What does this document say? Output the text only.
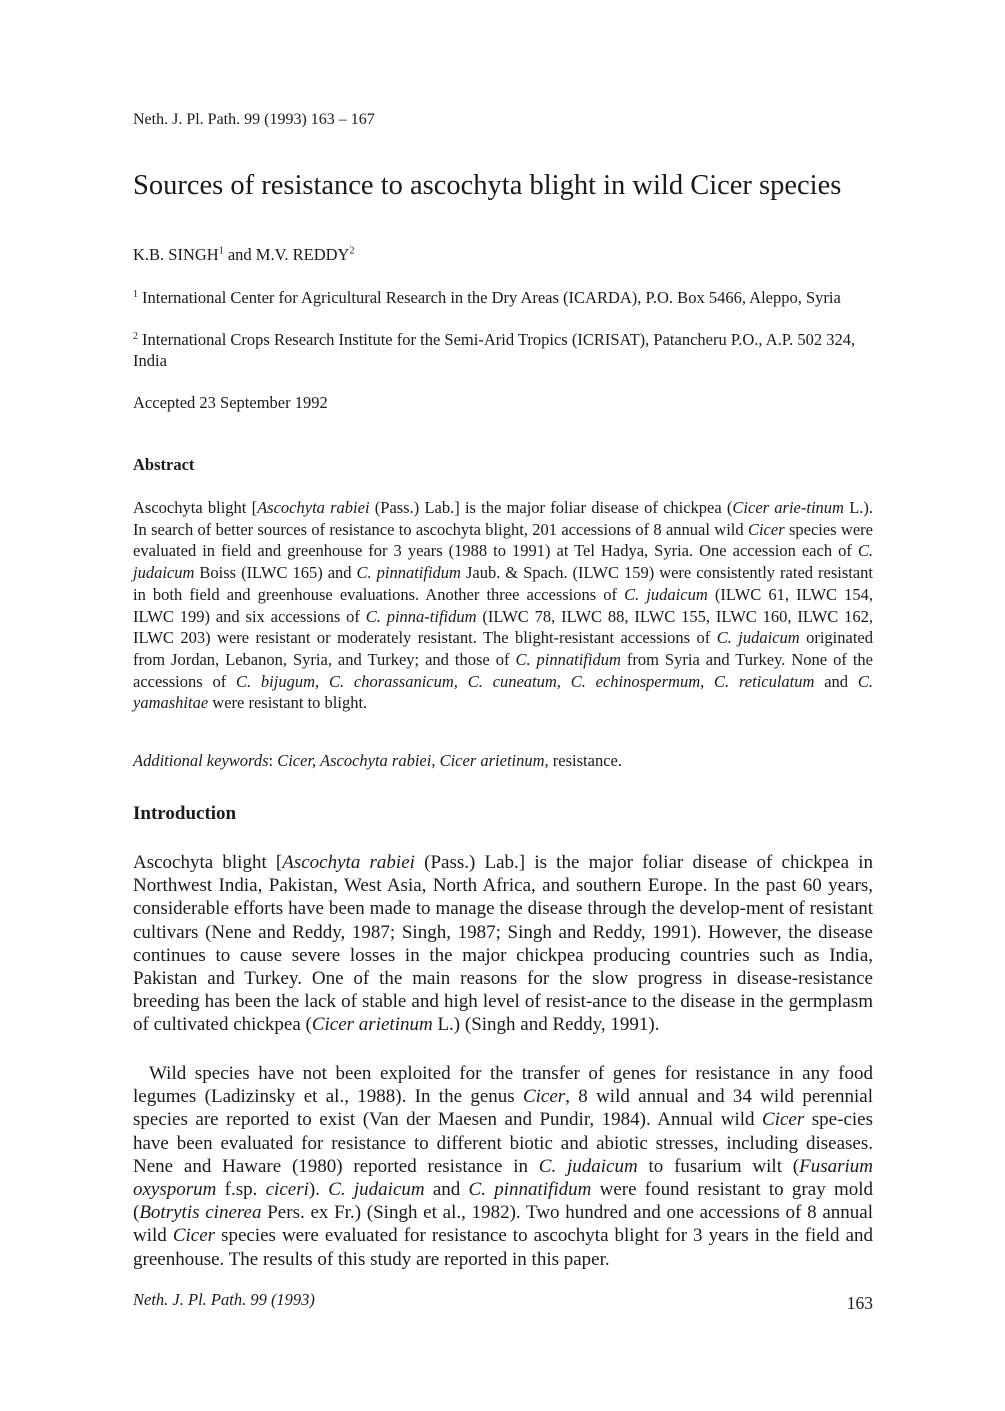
Neth. J. Pl. Path. 99 (1993) 163 – 167
Sources of resistance to ascochyta blight in wild Cicer species
K.B. SINGH$^1$ and M.V. REDDY$^2$

$^1$ International Center for Agricultural Research in the Dry Areas (ICARDA), P.O. Box 5466, Aleppo, Syria

$^2$ International Crops Research Institute for the Semi-Arid Tropics (ICRISAT), Patancheru P.O., A.P. 502 324, India

Accepted 23 September 1992
Abstract

Ascochyta blight [Ascochyta rabiei (Pass.) Lab.] is the major foliar disease of chickpea (Cicer arie-tinum L.). In search of better sources of resistance to ascochyta blight, 201 accessions of 8 annual wild Cicer species were evaluated in field and greenhouse for 3 years (1988 to 1991) at Tel Hadya, Syria. One accession each of C. judaicum Boiss (ILWC 165) and C. pinnatifidum Jaub. & Spach. (ILWC 159) were consistently rated resistant in both field and greenhouse evaluations. Another three accessions of C. judaicum (ILWC 61, ILWC 154, ILWC 199) and six accessions of C. pinna-tifidum (ILWC 78, ILWC 88, ILWC 155, ILWC 160, ILWC 162, ILWC 203) were resistant or moderately resistant. The blight-resistant accessions of C. judaicum originated from Jordan, Lebanon, Syria, and Turkey; and those of C. pinnatifidum from Syria and Turkey. None of the accessions of C. bijugum, C. chorassanicum, C. cuneatum, C. echinospermum, C. reticulatum and C. yamashitae were resistant to blight.

Additional keywords: Cicer, Ascochyta rabiei, Cicer arietinum, resistance.

Introduction

Ascochyta blight [Ascochyta rabiei (Pass.) Lab.] is the major foliar disease of chickpea in Northwest India, Pakistan, West Asia, North Africa, and southern Europe. In the past 60 years, considerable efforts have been made to manage the disease through the develop-ment of resistant cultivars (Nene and Reddy, 1987; Singh, 1987; Singh and Reddy, 1991). However, the disease continues to cause severe losses in the major chickpea producing countries such as India, Pakistan and Turkey. One of the main reasons for the slow progress in disease-resistance breeding has been the lack of stable and high level of resist-ance to the disease in the germplasm of cultivated chickpea (Cicer arietinum L.) (Singh and Reddy, 1991).

Wild species have not been exploited for the transfer of genes for resistance in any food legumes (Ladizinsky et al., 1988). In the genus Cicer, 8 wild annual and 34 wild perennial species are reported to exist (Van der Maesen and Pundir, 1984). Annual wild Cicer spe-cies have been evaluated for resistance to different biotic and abiotic stresses, including diseases. Nene and Haware (1980) reported resistance in C. judaicum to fusarium wilt (Fusarium oxysporum f.sp. ciceri). C. judaicum and C. pinnatifidum were found resistant to gray mold (Botrytis cinerea Pers. ex Fr.) (Singh et al., 1982). Two hundred and one accessions of 8 annual wild Cicer species were evaluated for resistance to ascochyta blight for 3 years in the field and greenhouse. The results of this study are reported in this paper.

Neth. J. Pl. Path. 99 (1993)	163
